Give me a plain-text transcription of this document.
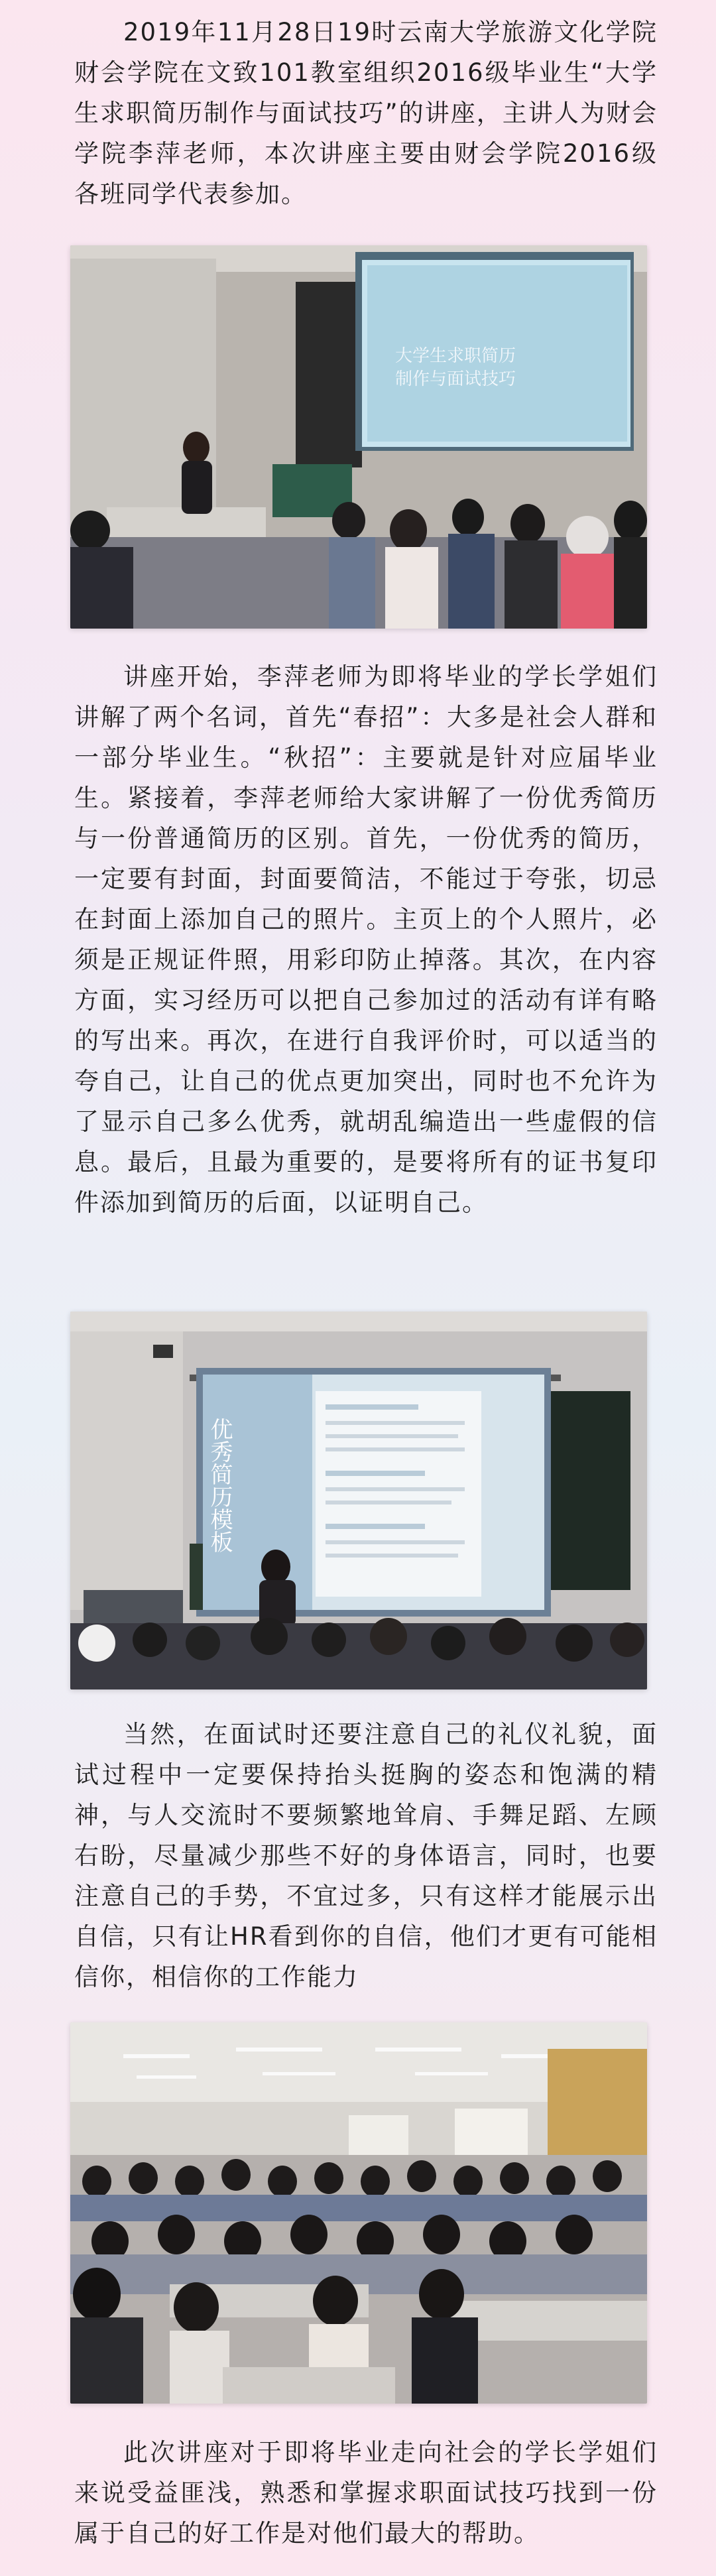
2019年11月28日19时云南大学旅游文化学院财会学院在文致101教室组织2016级毕业生“大学生求职简历制作与面试技巧”的讲座，主讲人为财会学院李萍老师，本次讲座主要由财会学院2016级各班同学代表参加。

大学生求职简历
制作与面试技巧

讲座开始，李萍老师为即将毕业的学长学姐们讲解了两个名词，首先“春招”：大多是社会人群和一部分毕业生。“秋招”：主要就是针对应届毕业生。紧接着，李萍老师给大家讲解了一份优秀简历与一份普通简历的区别。首先，一份优秀的简历，一定要有封面，封面要简洁，不能过于夸张，切忌在封面上添加自己的照片。主页上的个人照片，必须是正规证件照，用彩印防止掉落。其次，在内容方面，实习经历可以把自己参加过的活动有详有略的写出来。再次，在进行自我评价时，可以适当的夸自己，让自己的优点更加突出，同时也不允许为了显示自己多么优秀，就胡乱编造出一些虚假的信息。最后，且最为重要的，是要将所有的证书复印件添加到简历的后面，以证明自己。

优秀简历模板

当然，在面试时还要注意自己的礼仪礼貌，面试过程中一定要保持抬头挺胸的姿态和饱满的精神，与人交流时不要频繁地耸肩、手舞足蹈、左顾右盼，尽量减少那些不好的身体语言，同时，也要注意自己的手势，不宜过多，只有这样才能展示出自信，只有让HR看到你的自信，他们才更有可能相信你，相信你的工作能力

此次讲座对于即将毕业走向社会的学长学姐们来说受益匪浅，熟悉和掌握求职面试技巧找到一份属于自己的好工作是对他们最大的帮助。
